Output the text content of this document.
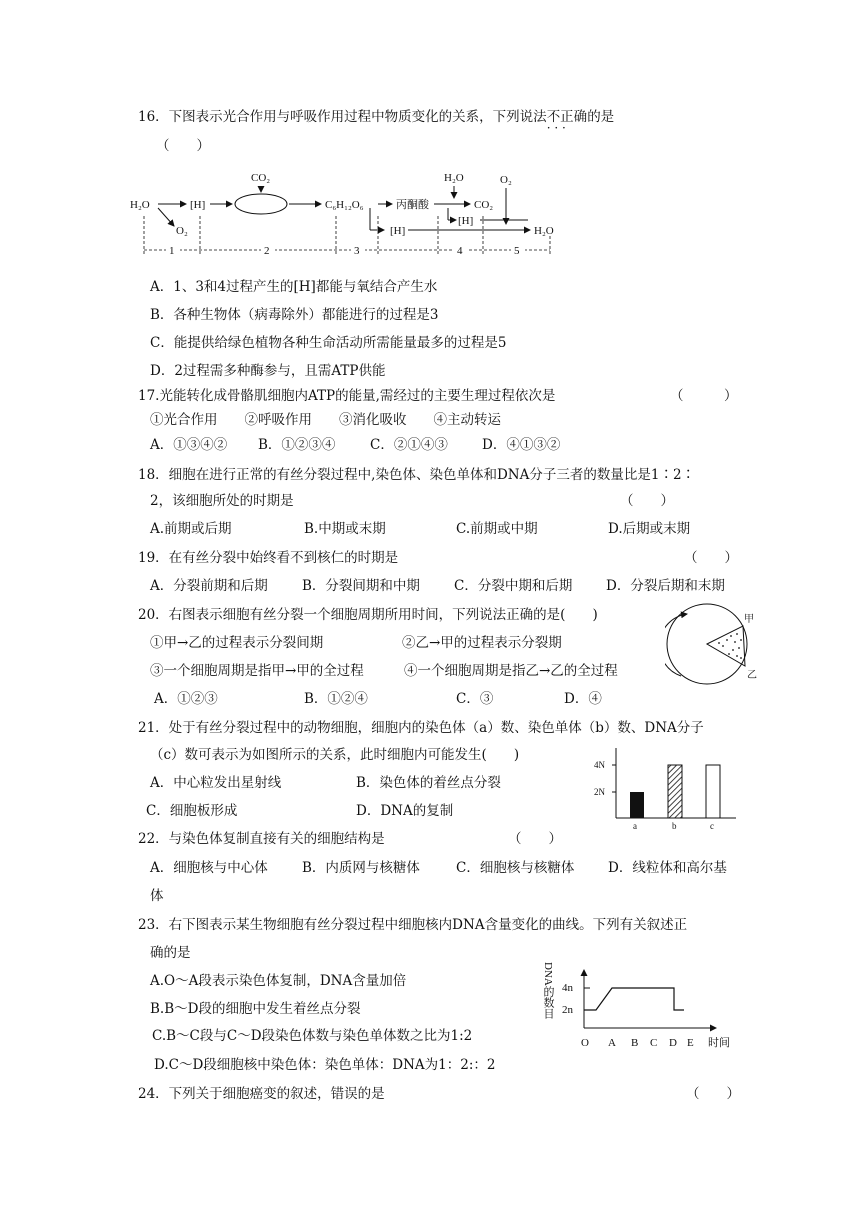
16．下图表示光合作用与呼吸作用过程中物质变化的关系，下列说法不正确 · · ·的是
（　　）
H₂O	[H]
CO₂
C₆H₁₂O₆	丙酮酸
H₂O	O₂
CO₂
O₂	[H]
[H]
H₂O
1	2	3	4	5
A．1、3和4过程产生的[H]都能与氧结合产生水
B．各种生物体（病毒除外）都能进行的过程是3
C．能提供给绿色植物各种生命活动所需能量最多的过程是5
D．2过程需多种酶参与，且需ATP供能
17.光能转化成骨骼肌细胞内ATP的能量,需经过的主要生理过程依次是	（　　　）
①光合作用　　②呼吸作用　　③消化吸收　　④主动转运
A．①③④② B．①②③④	C．②①④③	D．④①③②
18．细胞在进行正常的有丝分裂过程中,染色体、染色单体和DNA分子三者的数量比是1∶2∶
2，该细胞所处的时期是	（　　）
A.前期或后期	B.中期或末期	C.前期或中期	D.后期或末期
19．在有丝分裂中始终看不到核仁的时期是	（　　）
A．分裂前期和后期	B．分裂间期和中期	C．分裂中期和后期 D．分裂后期和末期
20．右图表示细胞有丝分裂一个细胞周期所用时间，下列说法正确的是(　　)
①甲→乙的过程表示分裂间期	②乙→甲的过程表示分裂期
③一个细胞周期是指甲→甲的全过程	④一个细胞周期是指乙→乙的全过程
A．①②③	B．①②④	C．③	D．④
甲
乙
21．处于有丝分裂过程中的动物细胞，细胞内的染色体（a）数、染色单体（b）数、DNA分子
（c）数可表示为如图所示的关系，此时细胞内可能发生(　　)
A．中心粒发出星射线	B．染色体的着丝点分裂
C．细胞板形成	D．DNA的复制
4N
2N
a	b	c
22．与染色体复制直接有关的细胞结构是	（　　）
A．细胞核与中心体	B．内质网与核糖体	C．细胞核与核糖体 D．线粒体和高尔基
体
23．右下图表示某生物细胞有丝分裂过程中细胞核内DNA含量变化的曲线。下列有关叙述正
确的是
A.O～A段表示染色体复制，DNA含量加倍
B.B～D段的细胞中发生着丝点分裂
C.B～C段与C～D段染色体数与染色单体数之比为1:2
D.C～D段细胞核中染色体：染色单体：DNA为1：2:：2
DNA的数目 4n
2n
O A B C D E 时间
24．下列关于细胞癌变的叙述，错误的是	（　　）
